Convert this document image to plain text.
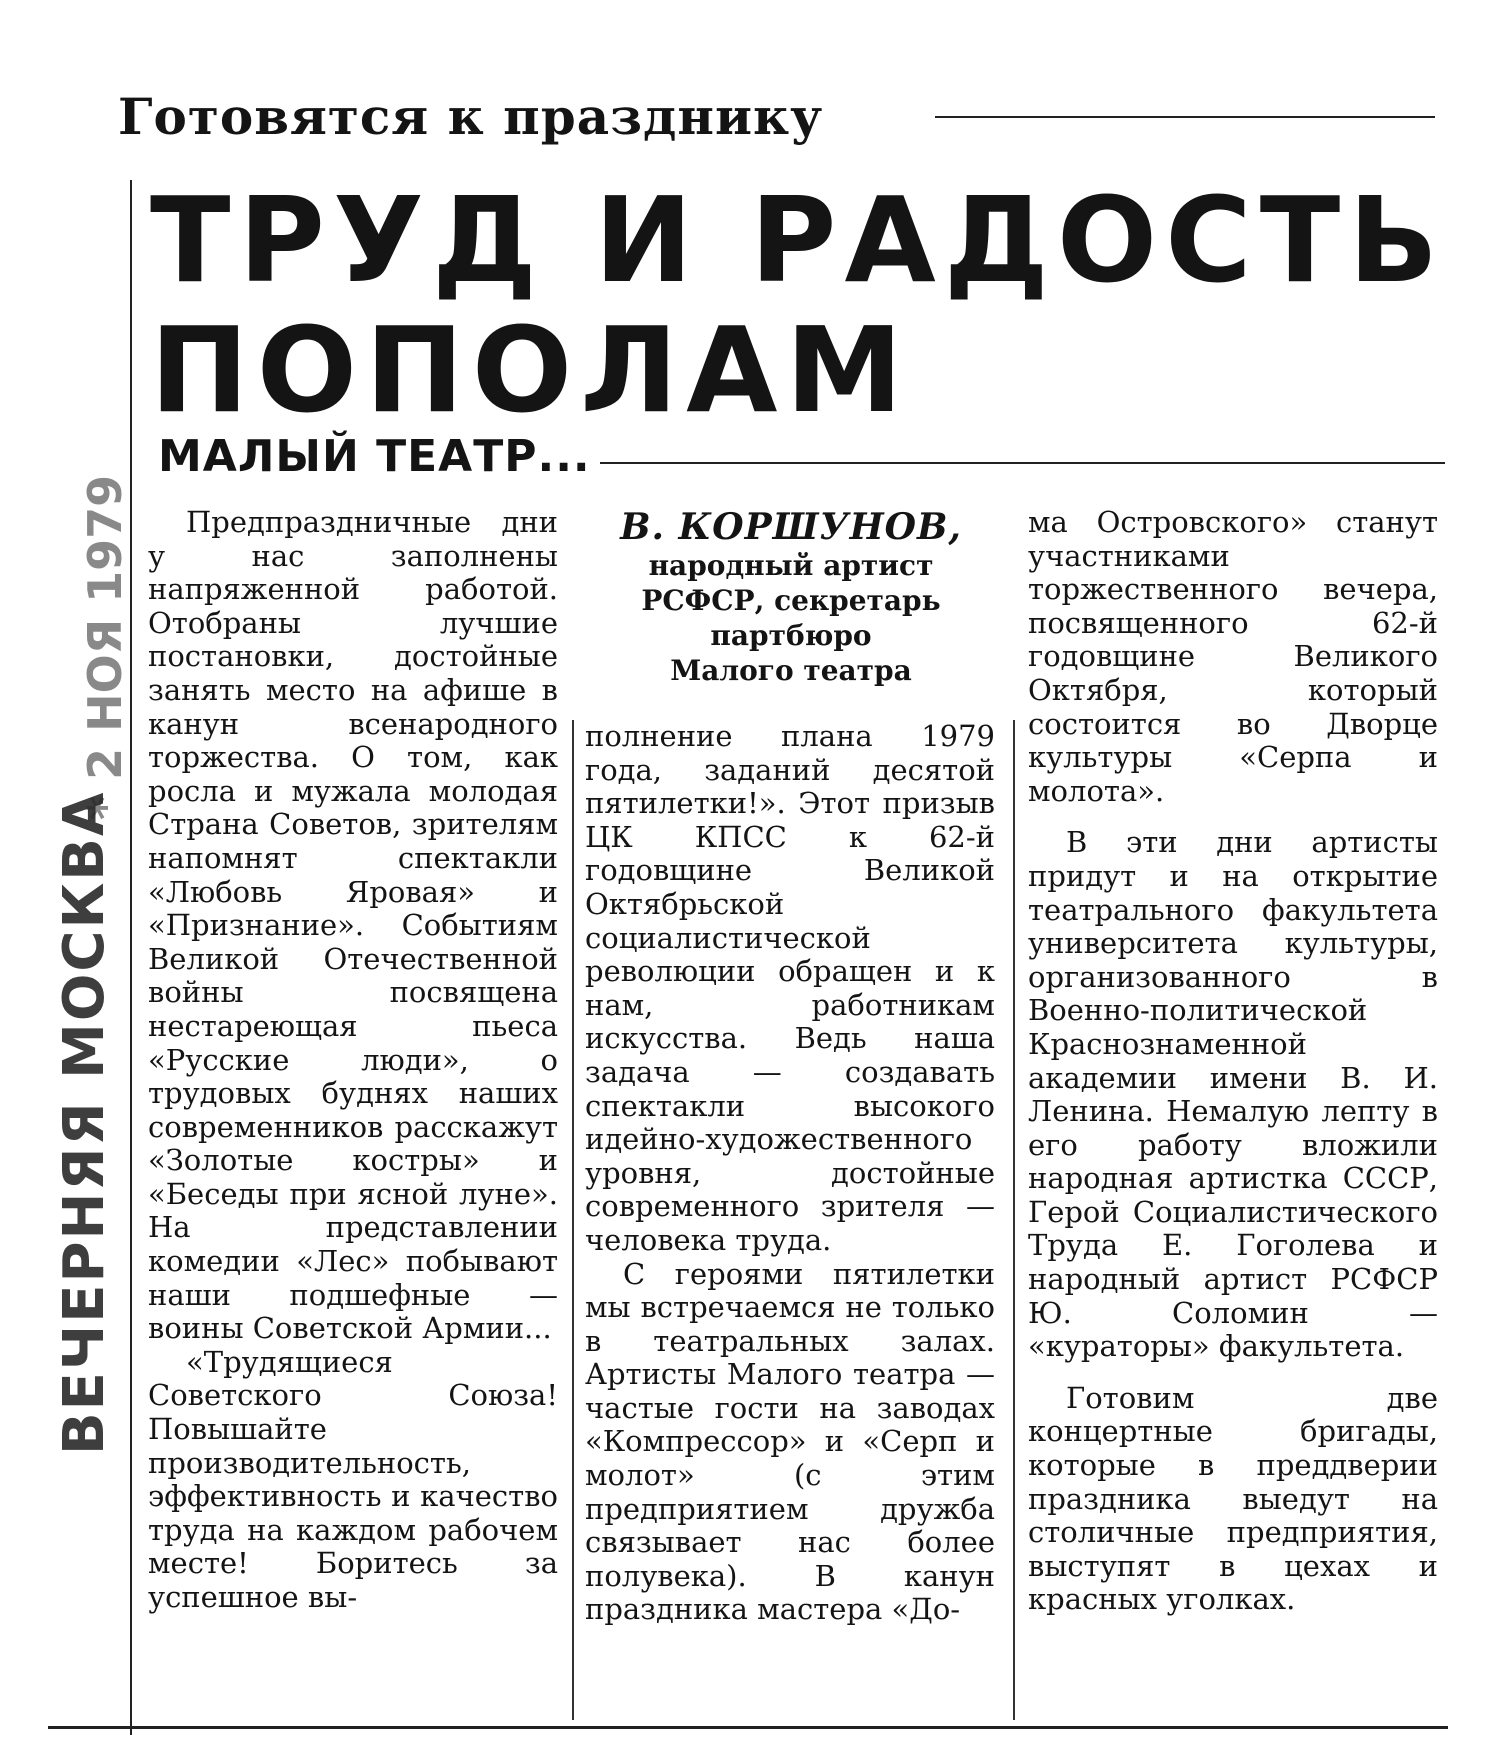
Готовятся к празднику
ТРУД И РАДОСТЬ
ПОПОЛАМ
МАЛЫЙ ТЕАТР...

Предпраздничные дни у нас заполнены напряженной работой. Отобраны лучшие постановки, достойные занять место на афише в канун всенародного торжества. О том, как росла и мужала молодая Страна Советов, зрителям напомнят спектакли «Любовь Яровая» и «Признание». Событиям Великой Отечественной войны посвящена нестареющая пьеса «Русские люди», о трудовых буднях наших современников расскажут «Золотые костры» и «Беседы при ясной луне». На представлении комедии «Лес» побывают наши подшефные — воины Советской Армии...

«Трудящиеся Советского Союза! Повышайте производительность, эффективность и качество труда на каждом рабочем месте! Боритесь за успешное вы-

В. КОРШУНОВ,
народный артист
РСФСР, секретарь
партбюро
Малого театра

полнение плана 1979 года, заданий десятой пятилетки!». Этот призыв ЦК КПСС к 62-й годовщине Великой Октябрьской социалистической революции обращен и к нам, работникам искусства. Ведь наша задача — создавать спектакли высокого идейно-художественного уровня, достойные современного зрителя — человека труда.

С героями пятилетки мы встречаемся не только в театральных залах. Артисты Малого театра — частые гости на заводах «Компрессор» и «Серп и молот» (с этим предприятием дружба связывает нас более полувека). В канун праздника мастера «До-

ма Островского» станут участниками торжественного вечера, посвященного 62-й годовщине Великого Октября, который состоится во Дворце культуры «Серпа и молота».

В эти дни артисты придут и на открытие театрального факультета университета культуры, организованного в Военно-политической Краснознаменной академии имени В. И. Ленина. Немалую лепту в его работу вложили народная артистка СССР, Герой Социалистического Труда Е. Гоголева и народный артист РСФСР Ю. Соломин — «кураторы» факультета.

Готовим две концертные бригады, которые в преддверии праздника выедут на столичные предприятия, выступят в цехах и красных уголках.

* 2 НОЯ 1979
ВЕЧЕРНЯЯ МОСКВА
